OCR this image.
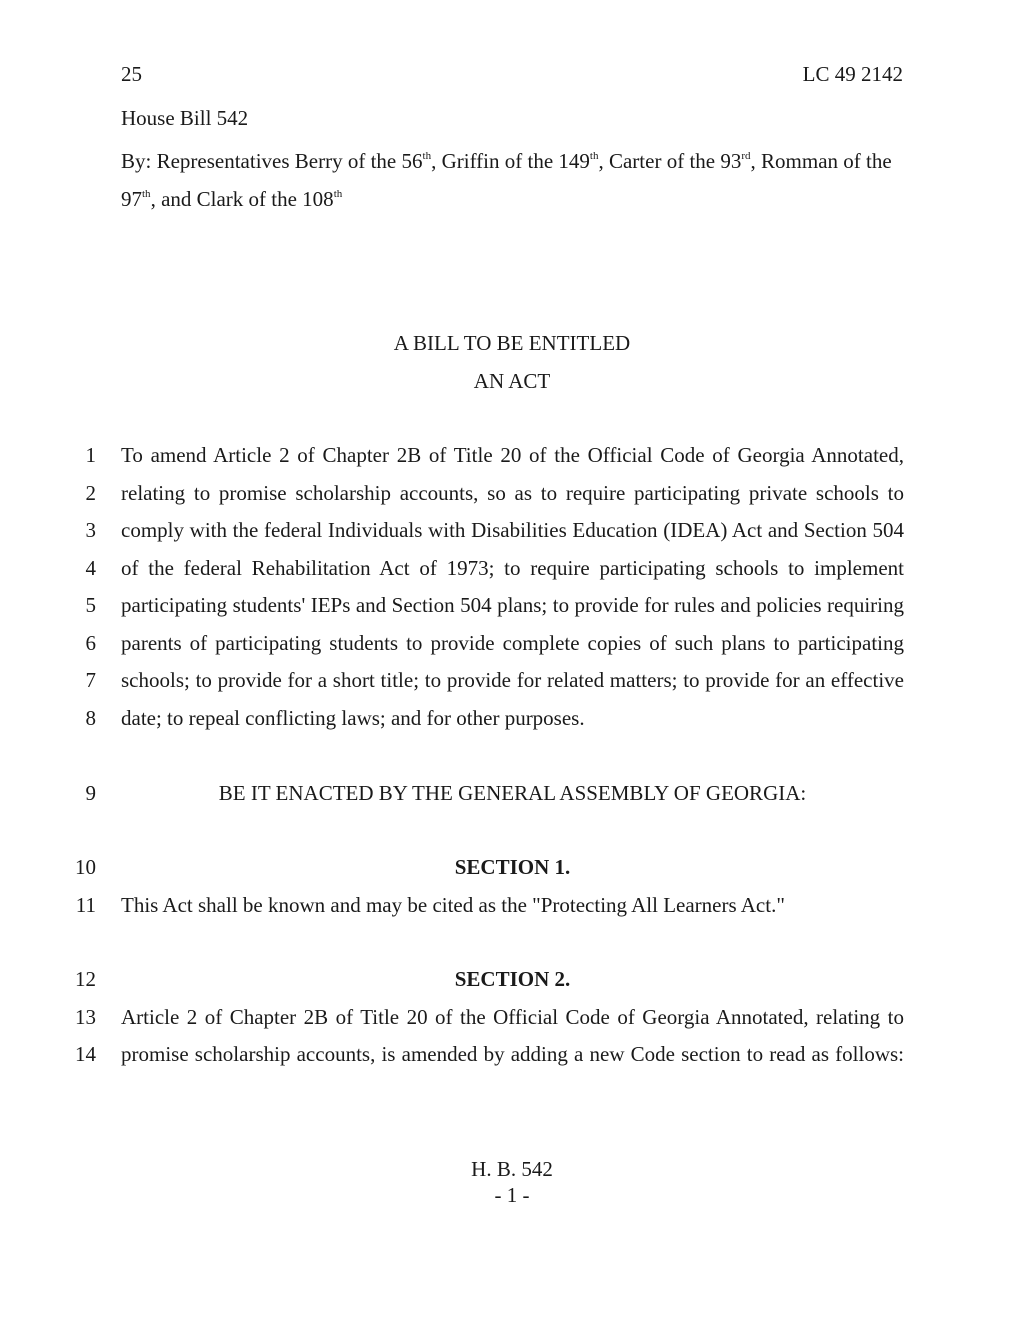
25	LC 49 2142
House Bill 542
By: Representatives Berry of the 56th, Griffin of the 149th, Carter of the 93rd, Romman of the 97th, and Clark of the 108th
A BILL TO BE ENTITLED
AN ACT
1 To amend Article 2 of Chapter 2B of Title 20 of the Official Code of Georgia Annotated,
2 relating to promise scholarship accounts, so as to require participating private schools to
3 comply with the federal Individuals with Disabilities Education (IDEA) Act and Section 504
4 of the federal Rehabilitation Act of 1973; to require participating schools to implement
5 participating students' IEPs and Section 504 plans; to provide for rules and policies requiring
6 parents of participating students to provide complete copies of such plans to participating
7 schools; to provide for a short title; to provide for related matters; to provide for an effective
8 date; to repeal conflicting laws; and for other purposes.
9	BE IT ENACTED BY THE GENERAL ASSEMBLY OF GEORGIA:
10	SECTION 1.
11 This Act shall be known and may be cited as the "Protecting All Learners Act."
12	SECTION 2.
13 Article 2 of Chapter 2B of Title 20 of the Official Code of Georgia Annotated, relating to
14 promise scholarship accounts, is amended by adding a new Code section to read as follows:
H. B. 542
- 1 -
